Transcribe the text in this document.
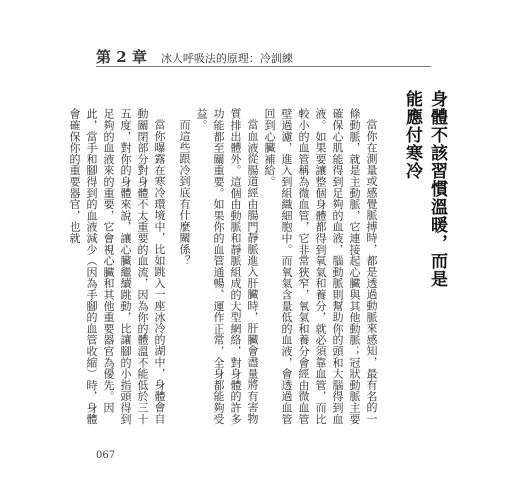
第 2 章 冰人呼吸法的原理：冷訓練
身體不該習慣溫暖，而是能應付寒冷

當你在測量或感覺脈搏時，都是透過動脈來感知，最有名的一條動脈，就是主動脈，它連接起心臟與其他動脈；冠狀動脈主要確保心肌能得到足夠的血液，腦動脈則幫助你的頭和大腦得到血液。如果要讓整個身體都得到氧氣和養分，就必須靠血管，而比較小的血管稱為微血管，它非常狹窄，氧氣和養分會經由微血管壁過濾，進入到組織細胞中。而氧氣含量低的血液，會透過血管回到心臟補給。

當血液從腸道經由腸門靜脈進入肝臟時，肝臟會盡量將有害物質排出體外。這個由動脈和靜脈組成的大型網絡，對身體的許多功能都至關重要。如果你的血管通暢、運作正常，全身都能夠受益。

而這些跟冷到底有什麼關係？

當你曝露在寒冷環境中，比如跳入一座冰冷的湖中，身體會自動關閉部分對身體不太重要的血流，因為你的體溫不能低於三十五度，對你的身體來說，讓心臟繼續跳動，比讓腳的小指頭得到足夠的血液來的重要，它會視心臟和其他重要器官為優先。因此，當手和腳得到的血液減少（因為手腳的血管收縮）時，身體會確保你的重要器官，也就

067
